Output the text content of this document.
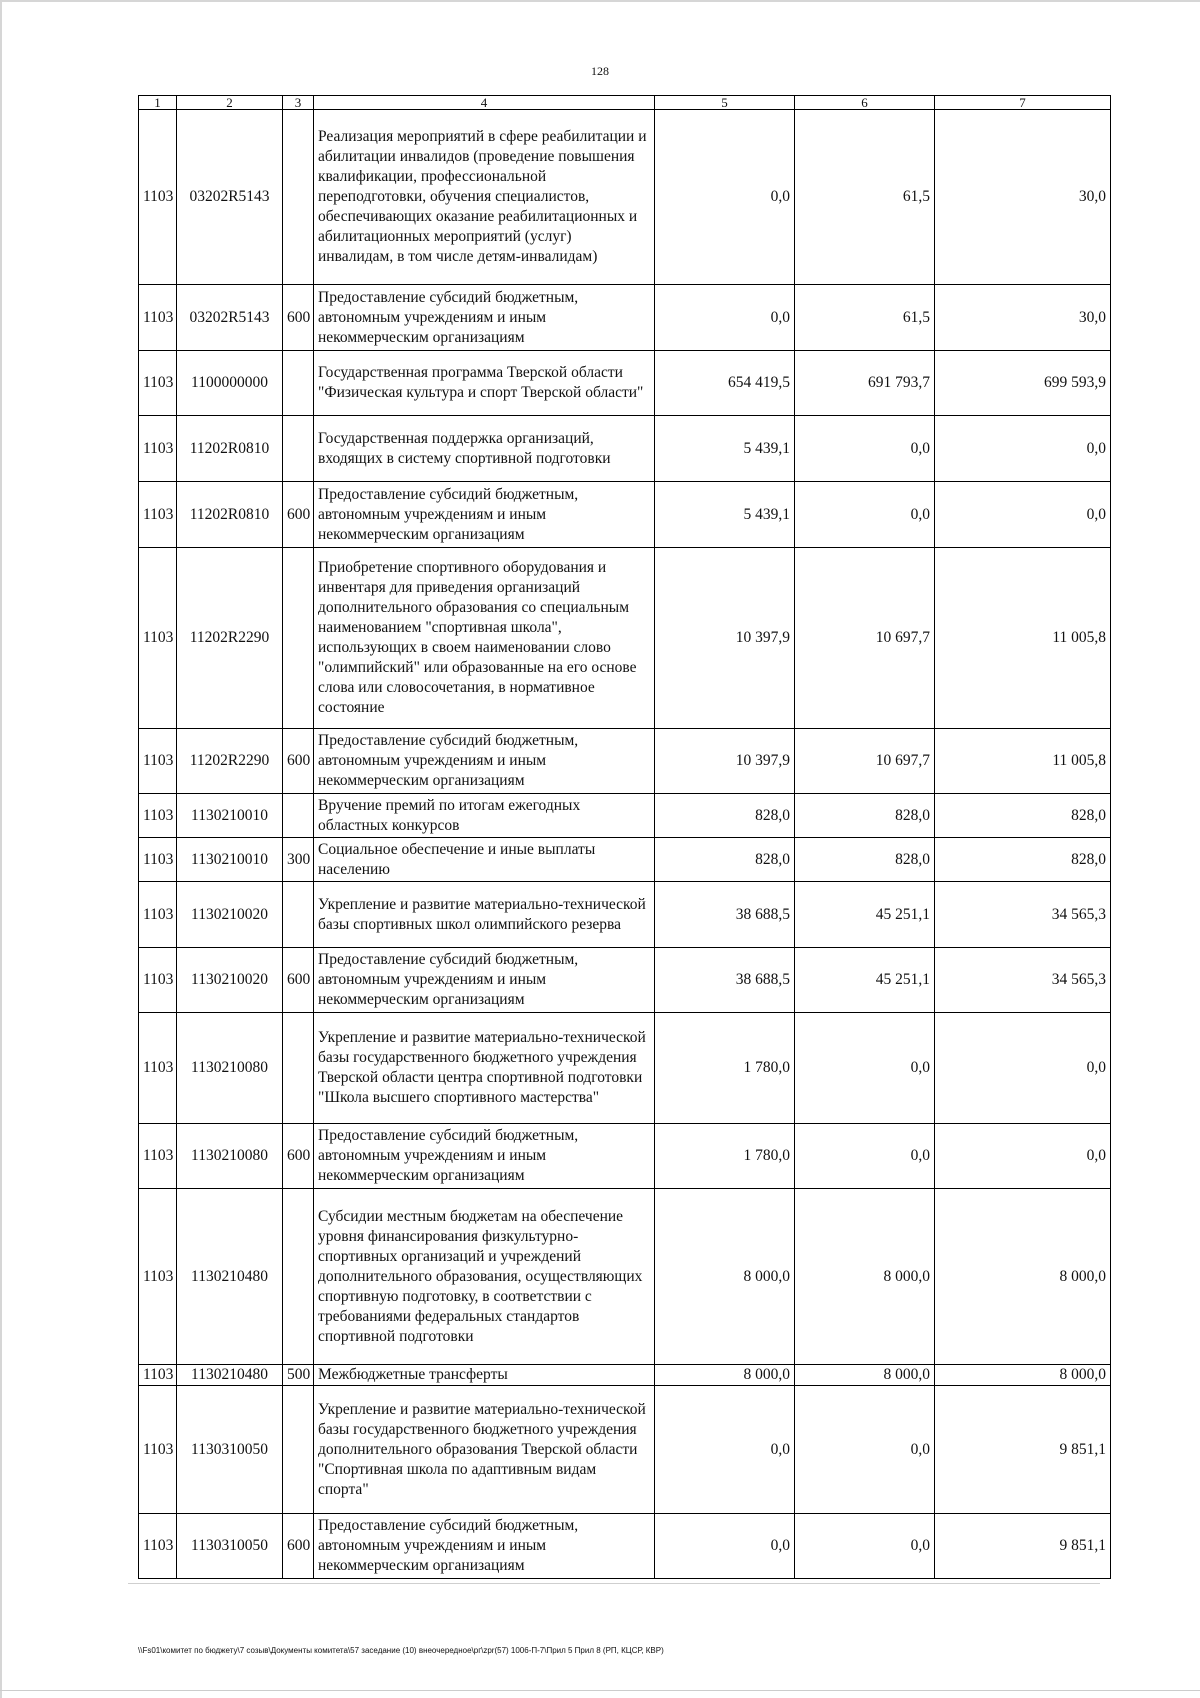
128
1	2	3	4	5	6	7
1103	03202R5143		Реализация мероприятий в сфере реабилитации и абилитации инвалидов (проведение повышения квалификации, профессиональной переподготовки, обучения специалистов, обеспечивающих оказание реабилитационных и абилитационных мероприятий (услуг) инвалидам, в том числе детям-инвалидам)	0,0	61,5	30,0
1103	03202R5143	600	Предоставление субсидий бюджетным, автономным учреждениям и иным некоммерческим организациям	0,0	61,5	30,0
1103	1100000000		Государственная программа Тверской области "Физическая культура и спорт Тверской области"	654 419,5	691 793,7	699 593,9
1103	11202R0810		Государственная поддержка организаций, входящих в систему спортивной подготовки	5 439,1	0,0	0,0
1103	11202R0810	600	Предоставление субсидий бюджетным, автономным учреждениям и иным некоммерческим организациям	5 439,1	0,0	0,0
1103	11202R2290		Приобретение спортивного оборудования и инвентаря для приведения организаций дополнительного образования со специальным наименованием "спортивная школа", использующих в своем наименовании слово "олимпийский" или образованные на его основе слова или словосочетания, в нормативное состояние	10 397,9	10 697,7	11 005,8
1103	11202R2290	600	Предоставление субсидий бюджетным, автономным учреждениям и иным некоммерческим организациям	10 397,9	10 697,7	11 005,8
1103	1130210010		Вручение премий по итогам ежегодных областных конкурсов	828,0	828,0	828,0
1103	1130210010	300	Социальное обеспечение и иные выплаты населению	828,0	828,0	828,0
1103	1130210020		Укрепление и развитие материально-технической базы спортивных школ олимпийского резерва	38 688,5	45 251,1	34 565,3
1103	1130210020	600	Предоставление субсидий бюджетным, автономным учреждениям и иным некоммерческим организациям	38 688,5	45 251,1	34 565,3
1103	1130210080		Укрепление и развитие материально-технической базы государственного бюджетного учреждения Тверской области центра спортивной подготовки "Школа высшего спортивного мастерства"	1 780,0	0,0	0,0
1103	1130210080	600	Предоставление субсидий бюджетным, автономным учреждениям и иным некоммерческим организациям	1 780,0	0,0	0,0
1103	1130210480		Субсидии местным бюджетам на обеспечение уровня финансирования физкультурно-спортивных организаций и учреждений дополнительного образования, осуществляющих спортивную подготовку, в соответствии с требованиями федеральных стандартов спортивной подготовки	8 000,0	8 000,0	8 000,0
1103	1130210480	500	Межбюджетные трансферты	8 000,0	8 000,0	8 000,0
1103	1130310050		Укрепление и развитие материально-технической базы государственного бюджетного учреждения дополнительного образования Тверской области "Спортивная школа по адаптивным видам спорта"	0,0	0,0	9 851,1
1103	1130310050	600	Предоставление субсидий бюджетным, автономным учреждениям и иным некоммерческим организациям	0,0	0,0	9 851,1
\\Fs01\комитет по бюджету\7 созыв\Документы комитета\57 заседание (10) внеочередное\рг\zpr(57) 1006-П-7\Прил 5 Прил 8 (РП, КЦСР, КВР)
